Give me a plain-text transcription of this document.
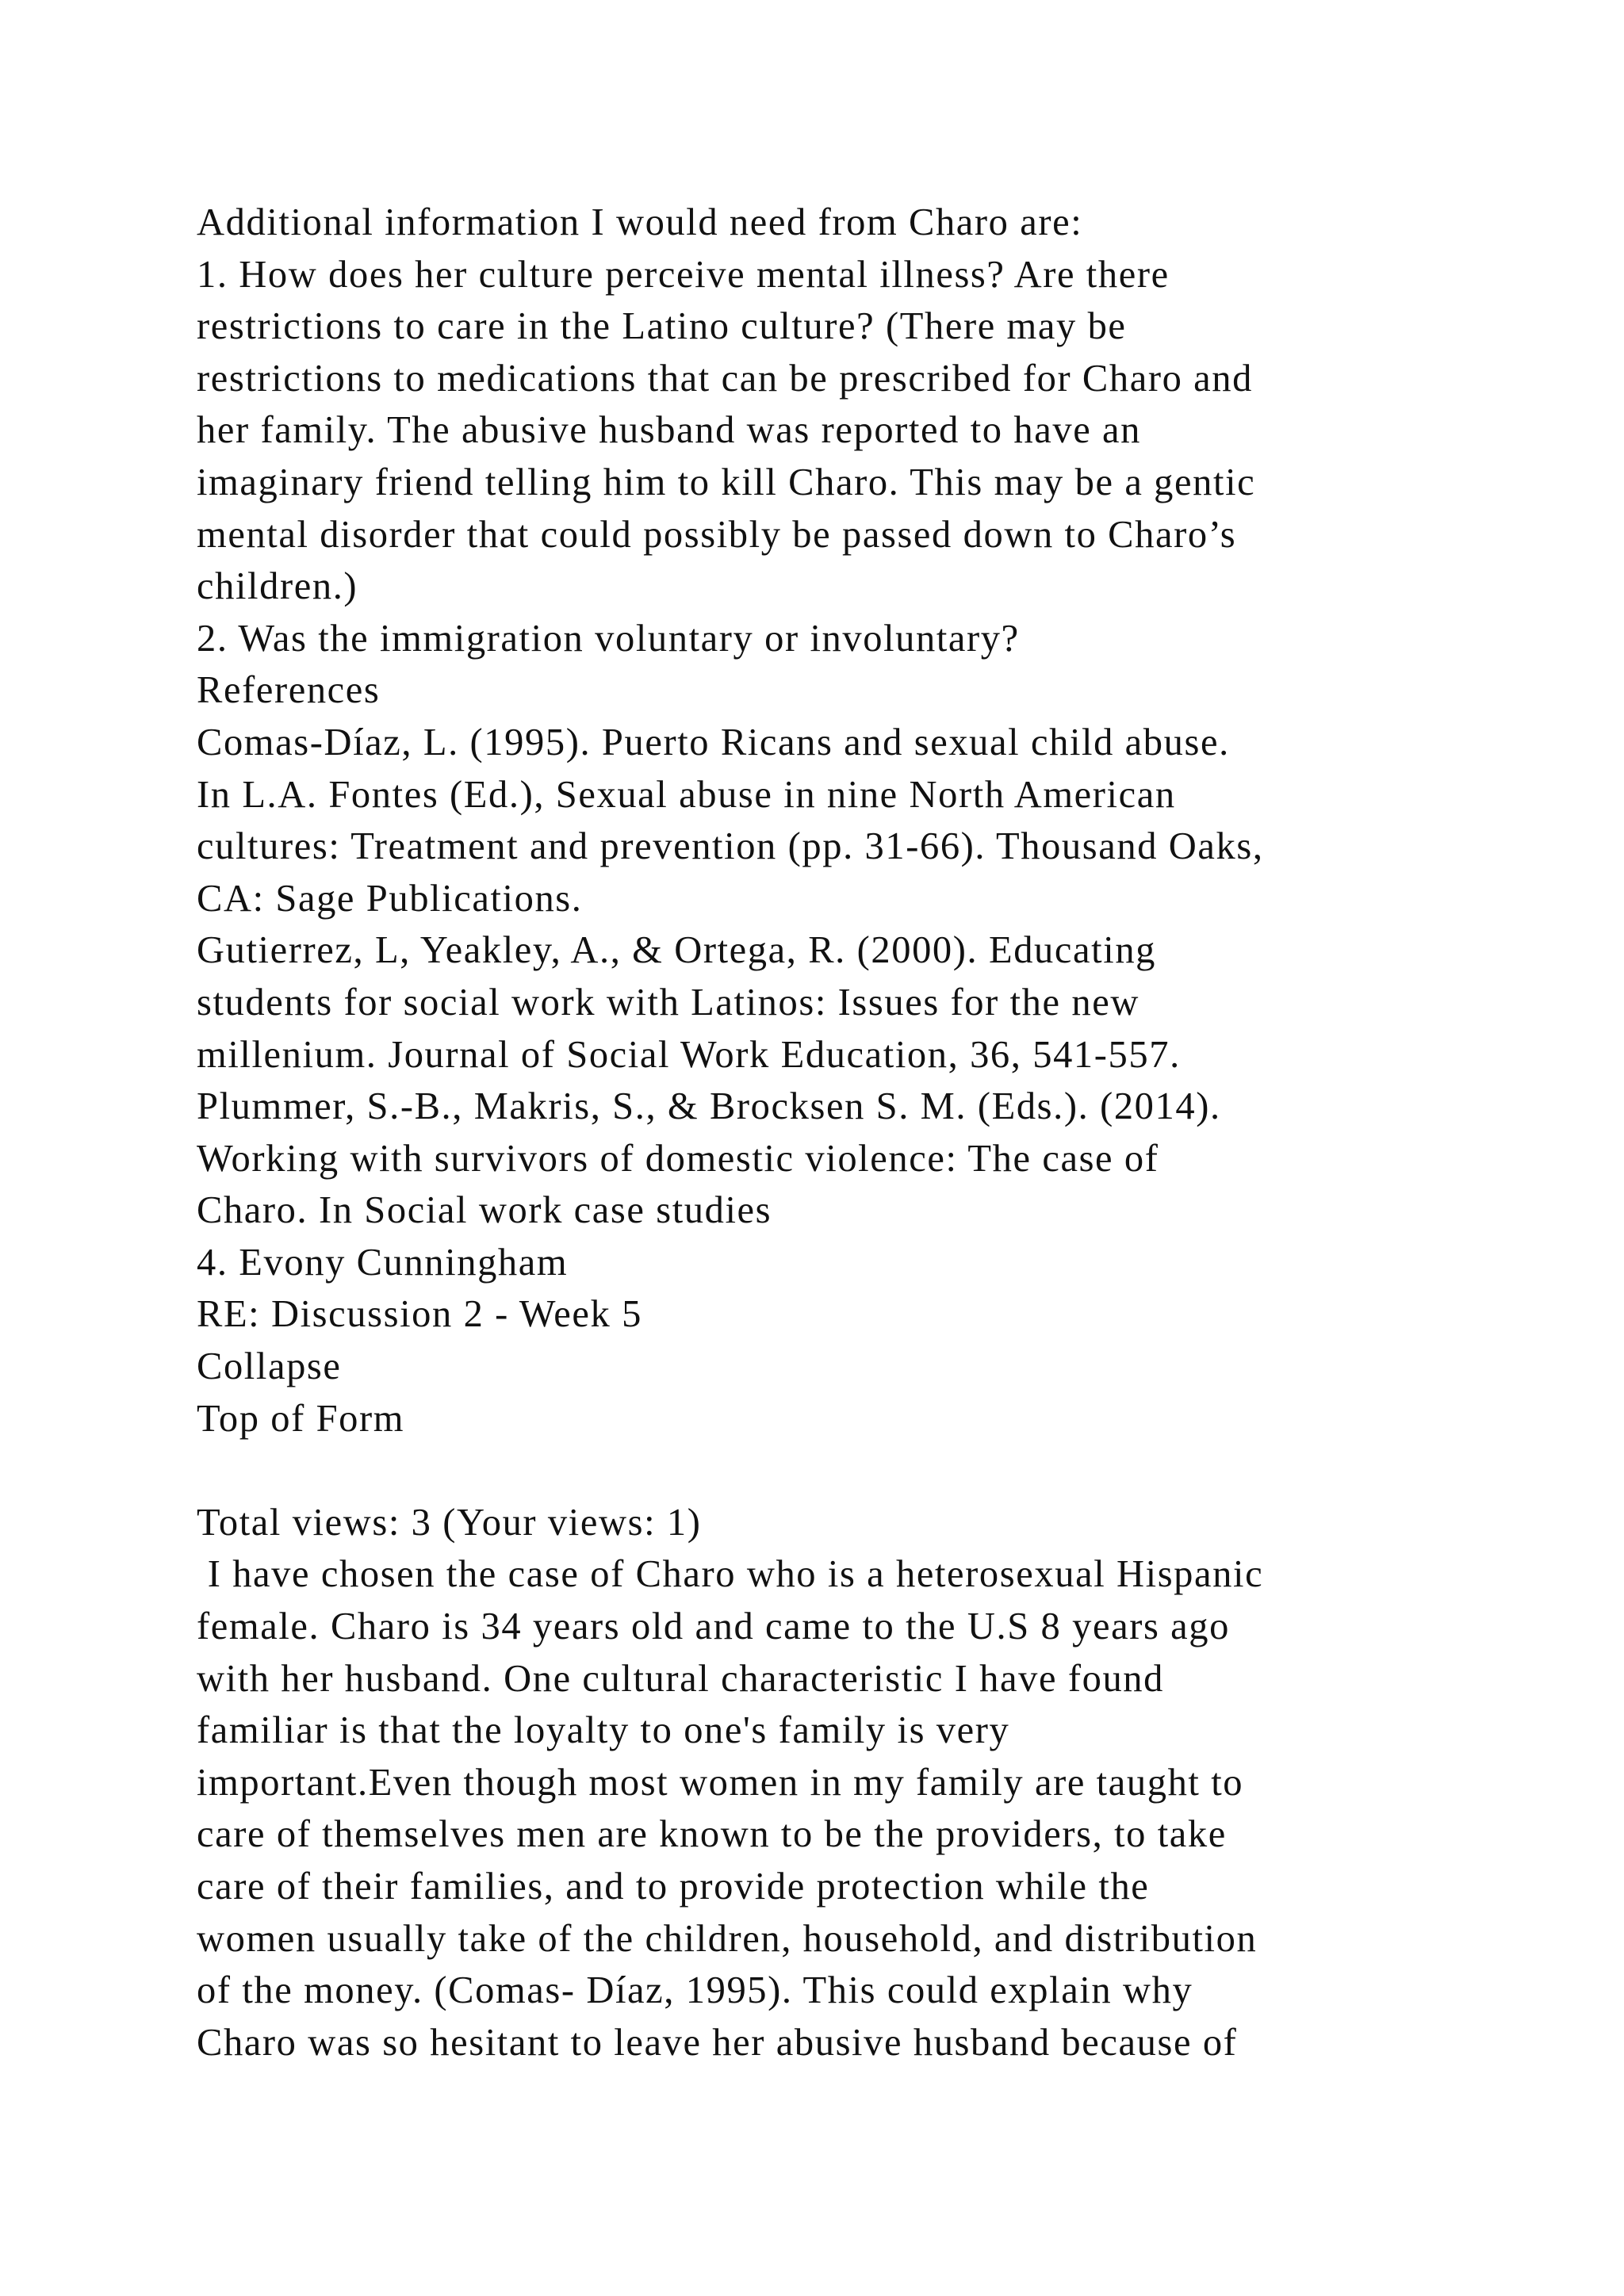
Additional information I would need from Charo are:
1. How does her culture perceive mental illness? Are there
restrictions to care in the Latino culture? (There may be
restrictions to medications that can be prescribed for Charo and
her family. The abusive husband was reported to have an
imaginary friend telling him to kill Charo. This may be a gentic
mental disorder that could possibly be passed down to Charo’s
children.)
2. Was the immigration voluntary or involuntary?
References
Comas-Díaz, L. (1995). Puerto Ricans and sexual child abuse.
In L.A. Fontes (Ed.), Sexual abuse in nine North American
cultures: Treatment and prevention (pp. 31-66). Thousand Oaks,
CA: Sage Publications.
Gutierrez, L, Yeakley, A., & Ortega, R. (2000). Educating
students for social work with Latinos: Issues for the new
millenium. Journal of Social Work Education, 36, 541-557.
Plummer, S.-B., Makris, S., & Brocksen S. M. (Eds.). (2014).
Working with survivors of domestic violence: The case of
Charo. In Social work case studies
4. Evony Cunningham
RE: Discussion 2 - Week 5
Collapse
Top of Form
Total views: 3 (Your views: 1)
I have chosen the case of Charo who is a heterosexual Hispanic
female. Charo is 34 years old and came to the U.S 8 years ago
with her husband. One cultural characteristic I have found
familiar is that the loyalty to one's family is very
important.Even though most women in my family are taught to
care of themselves men are known to be the providers, to take
care of their families, and to provide protection while the
women usually take of the children, household, and distribution
of the money. (Comas- Díaz, 1995). This could explain why
Charo was so hesitant to leave her abusive husband because of
